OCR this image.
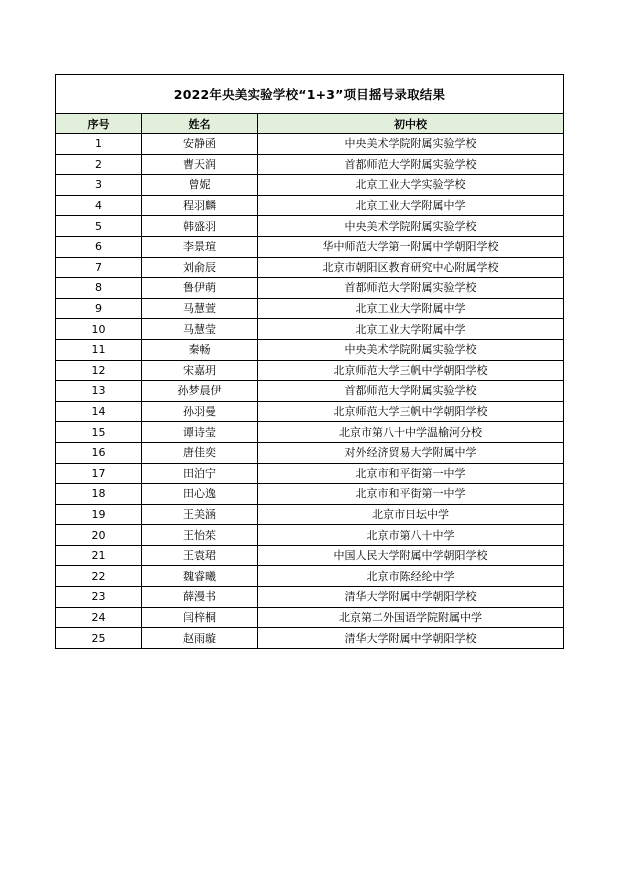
2022年央美实验学校“1+3”项目摇号录取结果		
序号	姓名	初中校
1	安静函	中央美术学院附属实验学校
2	曹天润	首都师范大学附属实验学校
3	曾妮	北京工业大学实验学校
4	程羽麟	北京工业大学附属中学
5	韩盛羽	中央美术学院附属实验学校
6	李景瑄	华中师范大学第一附属中学朝阳学校
7	刘俞辰	北京市朝阳区教育研究中心附属学校
8	鲁伊萌	首都师范大学附属实验学校
9	马慧萱	北京工业大学附属中学
10	马慧莹	北京工业大学附属中学
11	秦畅	中央美术学院附属实验学校
12	宋嘉玥	北京师范大学三帆中学朝阳学校
13	孙梦晨伊	首都师范大学附属实验学校
14	孙羽曼	北京师范大学三帆中学朝阳学校
15	谭诗莹	北京市第八十中学温榆河分校
16	唐佳奕	对外经济贸易大学附属中学
17	田泊宁	北京市和平街第一中学
18	田心逸	北京市和平街第一中学
19	王美涵	北京市日坛中学
20	王怡茱	北京市第八十中学
21	王袁珺	中国人民大学附属中学朝阳学校
22	魏睿曦	北京市陈经纶中学
23	薛漫书	清华大学附属中学朝阳学校
24	闫梓桐	北京第二外国语学院附属中学
25	赵雨璇	清华大学附属中学朝阳学校
